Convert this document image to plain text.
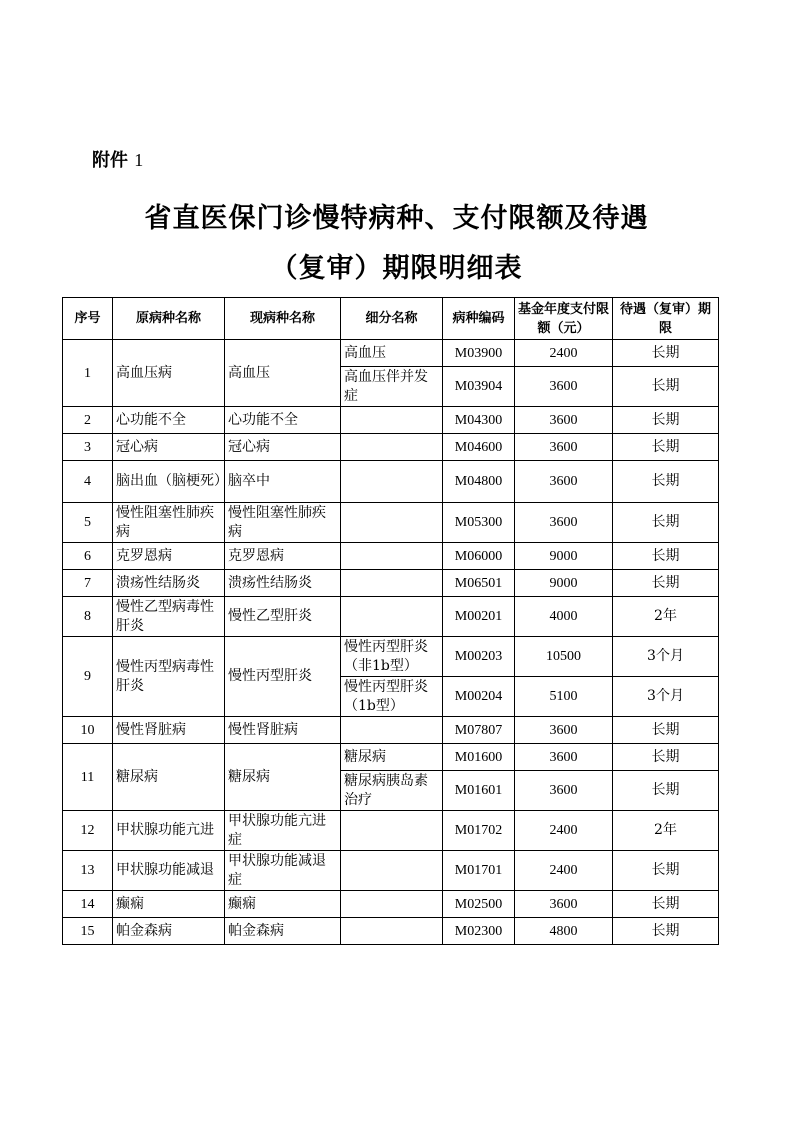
附件 1
省直医保门诊慢特病种、支付限额及待遇
（复审）期限明细表
序号	原病种名称	现病种名称	细分名称	病种编码	基金年度支付限额（元）	待遇（复审）期限
1	高血压病	高血压	高血压	M03900	2400	长期
			高血压伴并发症	M03904	3600	长期
2	心功能不全	心功能不全		M04300	3600	长期
3	冠心病	冠心病		M04600	3600	长期
4	脑出血（脑梗死）	脑卒中		M04800	3600	长期
5	慢性阻塞性肺疾病	慢性阻塞性肺疾病		M05300	3600	长期
6	克罗恩病	克罗恩病		M06000	9000	长期
7	溃疡性结肠炎	溃疡性结肠炎		M06501	9000	长期
8	慢性乙型病毒性肝炎	慢性乙型肝炎		M00201	4000	2年
9	慢性丙型病毒性肝炎	慢性丙型肝炎	慢性丙型肝炎（非1b型）	M00203	10500	3个月
			慢性丙型肝炎（1b型）	M00204	5100	3个月
10	慢性肾脏病	慢性肾脏病		M07807	3600	长期
11	糖尿病	糖尿病	糖尿病	M01600	3600	长期
			糖尿病胰岛素治疗	M01601	3600	长期
12	甲状腺功能亢进	甲状腺功能亢进症		M01702	2400	2年
13	甲状腺功能减退	甲状腺功能减退症		M01701	2400	长期
14	癫痫	癫痫		M02500	3600	长期
15	帕金森病	帕金森病		M02300	4800	长期
